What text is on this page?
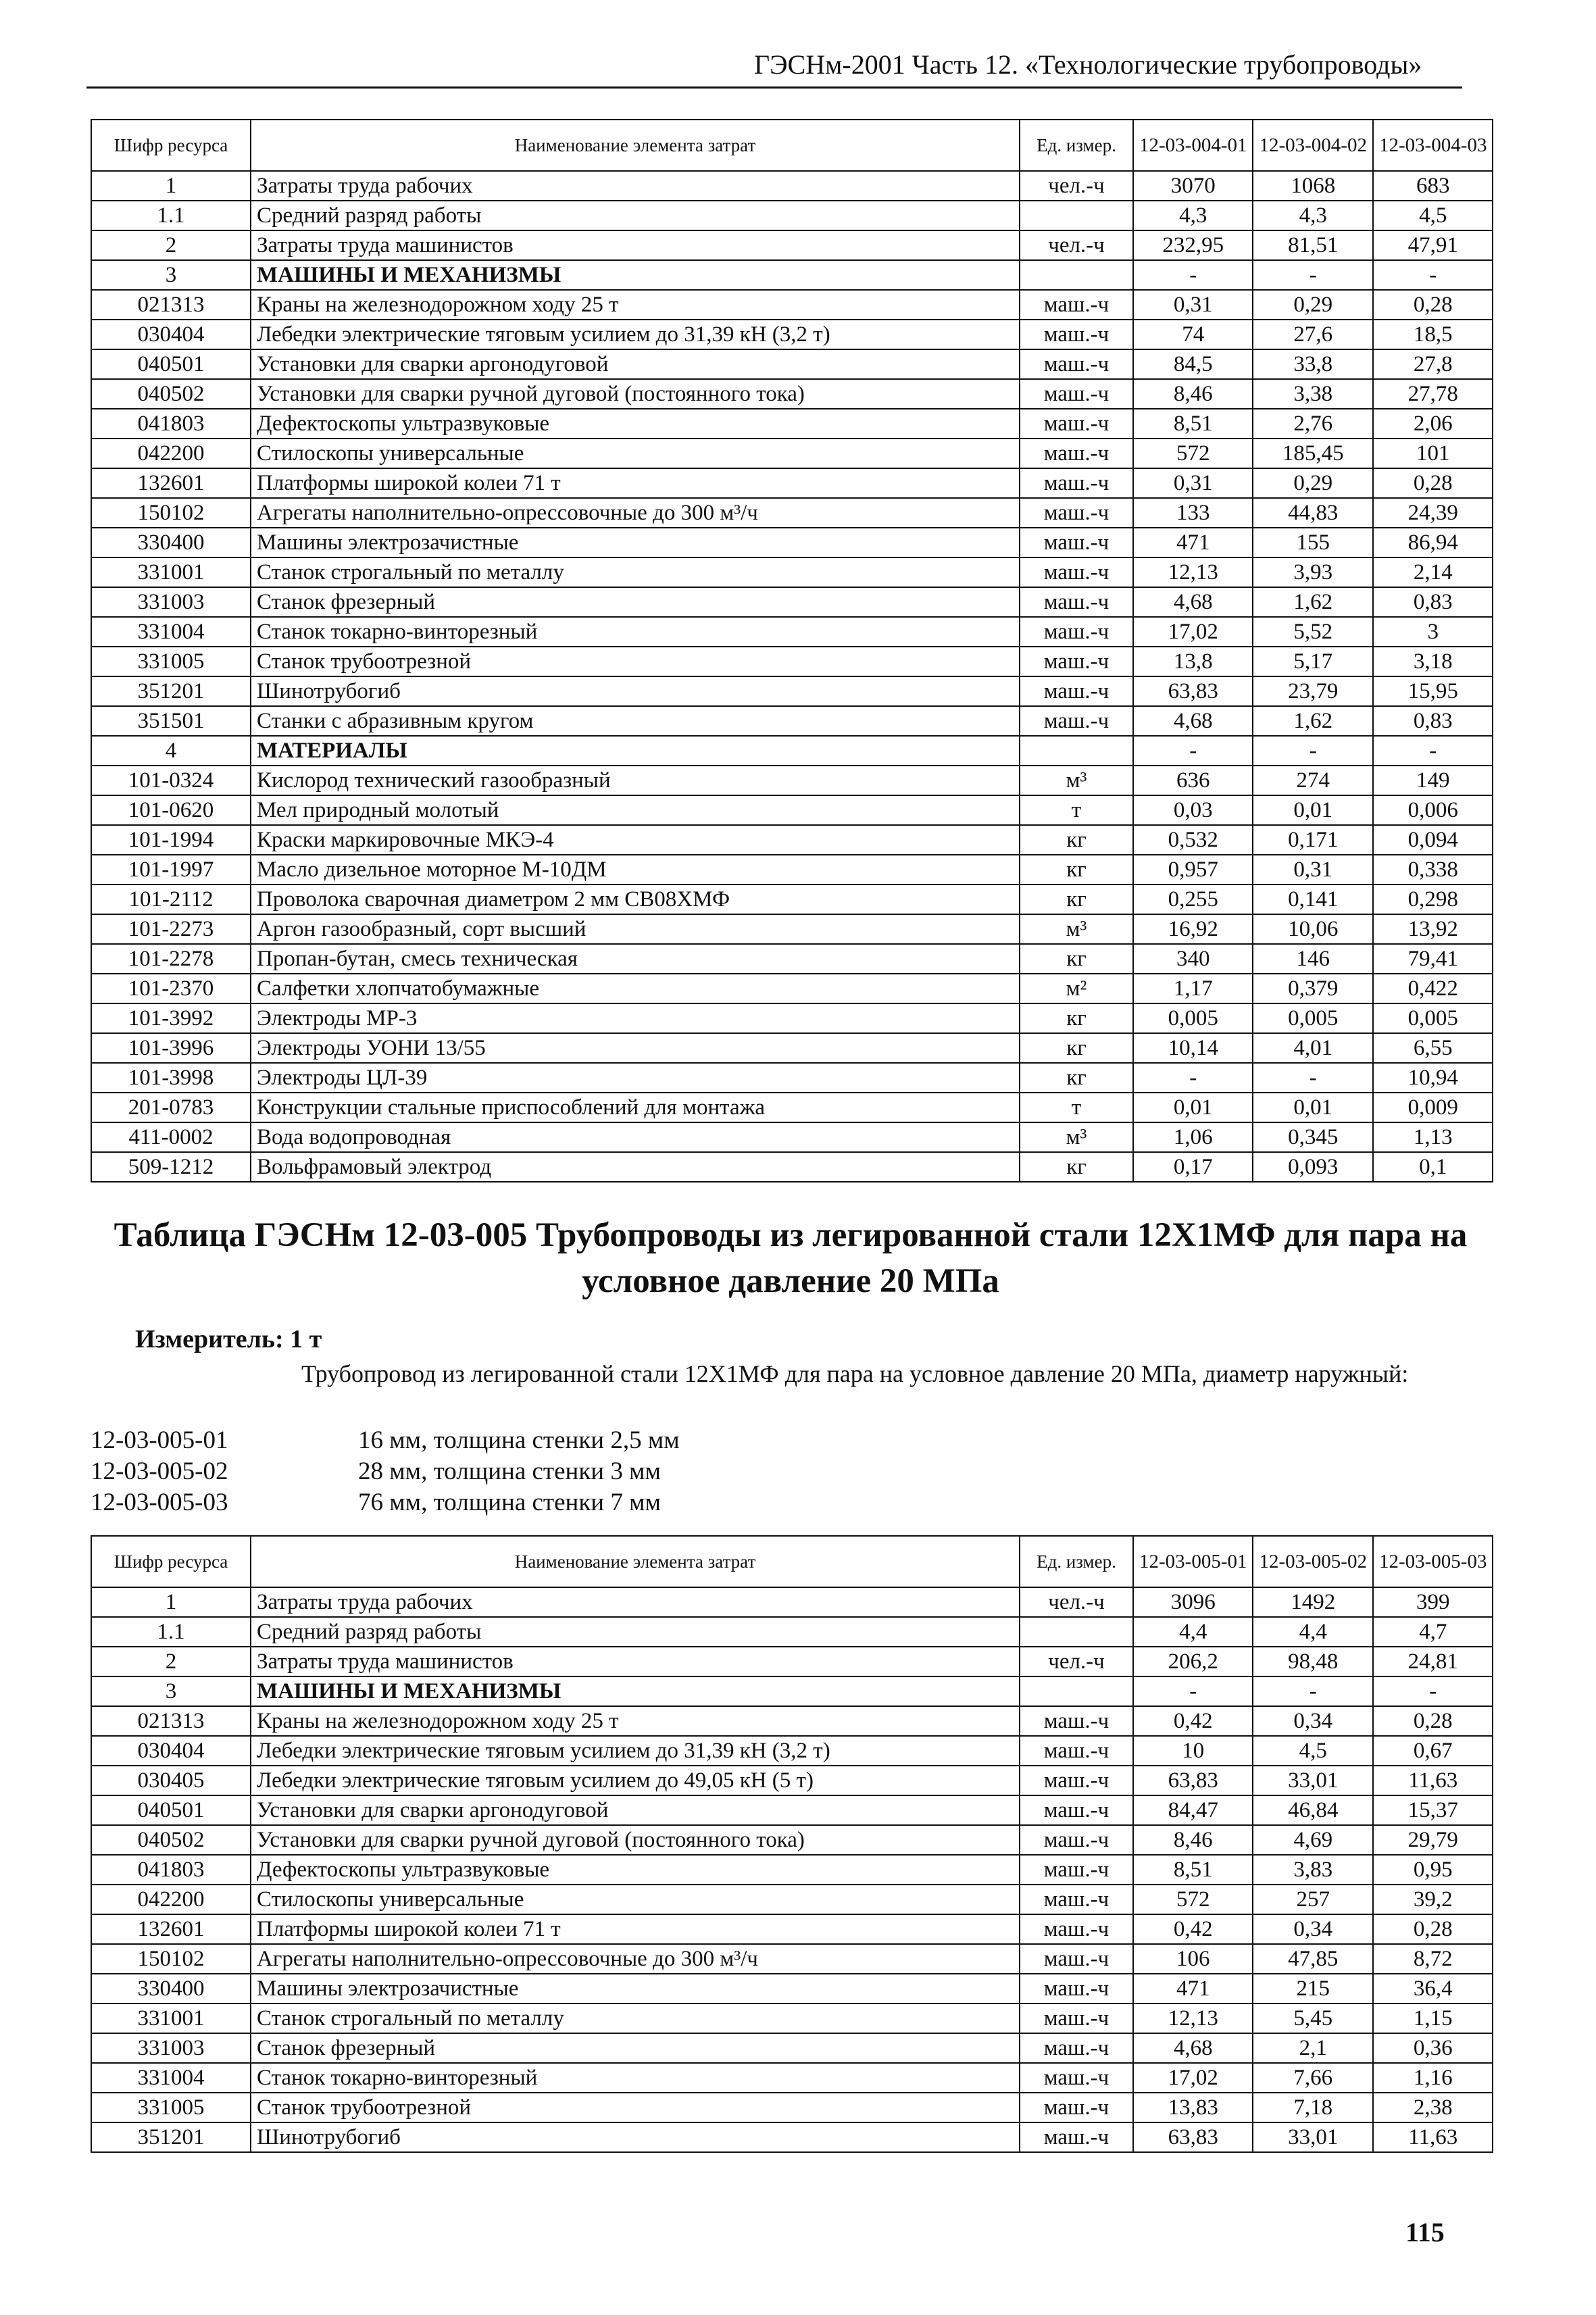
ГЭСНм-2001 Часть 12. «Технологические трубопроводы»
Шифр ресурса	Наименование элемента затрат	Ед. измер.	12-03-004-01	12-03-004-02	12-03-004-03
1	Затраты труда рабочих	чел.-ч	3070	1068	683
1.1	Средний разряд работы		4,3	4,3	4,5
2	Затраты труда машинистов	чел.-ч	232,95	81,51	47,91
3	МАШИНЫ И МЕХАНИЗМЫ		-	-	-
021313	Краны на железнодорожном ходу 25 т	маш.-ч	0,31	0,29	0,28
030404	Лебедки электрические тяговым усилием до 31,39 кН (3,2 т)	маш.-ч	74	27,6	18,5
040501	Установки для сварки аргонодуговой	маш.-ч	84,5	33,8	27,8
040502	Установки для сварки ручной дуговой (постоянного тока)	маш.-ч	8,46	3,38	27,78
041803	Дефектоскопы ультразвуковые	маш.-ч	8,51	2,76	2,06
042200	Стилоскопы универсальные	маш.-ч	572	185,45	101
132601	Платформы широкой колеи 71 т	маш.-ч	0,31	0,29	0,28
150102	Агрегаты наполнительно-опрессовочные до 300 м³/ч	маш.-ч	133	44,83	24,39
330400	Машины электрозачистные	маш.-ч	471	155	86,94
331001	Станок строгальный по металлу	маш.-ч	12,13	3,93	2,14
331003	Станок фрезерный	маш.-ч	4,68	1,62	0,83
331004	Станок токарно-винторезный	маш.-ч	17,02	5,52	3
331005	Станок трубоотрезной	маш.-ч	13,8	5,17	3,18
351201	Шинотрубогиб	маш.-ч	63,83	23,79	15,95
351501	Станки с абразивным кругом	маш.-ч	4,68	1,62	0,83
4	МАТЕРИАЛЫ		-	-	-
101-0324	Кислород технический газообразный	м³	636	274	149
101-0620	Мел природный молотый	т	0,03	0,01	0,006
101-1994	Краски маркировочные МКЭ-4	кг	0,532	0,171	0,094
101-1997	Масло дизельное моторное М-10ДМ	кг	0,957	0,31	0,338
101-2112	Проволока сварочная диаметром 2 мм СВ08ХМФ	кг	0,255	0,141	0,298
101-2273	Аргон газообразный, сорт высший	м³	16,92	10,06	13,92
101-2278	Пропан-бутан, смесь техническая	кг	340	146	79,41
101-2370	Салфетки хлопчатобумажные	м²	1,17	0,379	0,422
101-3992	Электроды МР-3	кг	0,005	0,005	0,005
101-3996	Электроды УОНИ 13/55	кг	10,14	4,01	6,55
101-3998	Электроды ЦЛ-39	кг	-	-	10,94
201-0783	Конструкции стальные приспособлений для монтажа	т	0,01	0,01	0,009
411-0002	Вода водопроводная	м³	1,06	0,345	1,13
509-1212	Вольфрамовый электрод	кг	0,17	0,093	0,1
Таблица ГЭСНм 12-03-005 Трубопроводы из легированной стали 12Х1МФ для пара на
условное давление 20 МПа
Измеритель: 1 т
Трубопровод из легированной стали 12Х1МФ для пара на условное давление 20 МПа, диаметр наружный:
12-03-005-01	16 мм, толщина стенки 2,5 мм
12-03-005-02	28 мм, толщина стенки 3 мм
12-03-005-03	76 мм, толщина стенки 7 мм
Шифр ресурса	Наименование элемента затрат	Ед. измер.	12-03-005-01	12-03-005-02	12-03-005-03
1	Затраты труда рабочих	чел.-ч	3096	1492	399
1.1	Средний разряд работы		4,4	4,4	4,7
2	Затраты труда машинистов	чел.-ч	206,2	98,48	24,81
3	МАШИНЫ И МЕХАНИЗМЫ		-	-	-
021313	Краны на железнодорожном ходу 25 т	маш.-ч	0,42	0,34	0,28
030404	Лебедки электрические тяговым усилием до 31,39 кН (3,2 т)	маш.-ч	10	4,5	0,67
030405	Лебедки электрические тяговым усилием до 49,05 кН (5 т)	маш.-ч	63,83	33,01	11,63
040501	Установки для сварки аргонодуговой	маш.-ч	84,47	46,84	15,37
040502	Установки для сварки ручной дуговой (постоянного тока)	маш.-ч	8,46	4,69	29,79
041803	Дефектоскопы ультразвуковые	маш.-ч	8,51	3,83	0,95
042200	Стилоскопы универсальные	маш.-ч	572	257	39,2
132601	Платформы широкой колеи 71 т	маш.-ч	0,42	0,34	0,28
150102	Агрегаты наполнительно-опрессовочные до 300 м³/ч	маш.-ч	106	47,85	8,72
330400	Машины электрозачистные	маш.-ч	471	215	36,4
331001	Станок строгальный по металлу	маш.-ч	12,13	5,45	1,15
331003	Станок фрезерный	маш.-ч	4,68	2,1	0,36
331004	Станок токарно-винторезный	маш.-ч	17,02	7,66	1,16
331005	Станок трубоотрезной	маш.-ч	13,83	7,18	2,38
351201	Шинотрубогиб	маш.-ч	63,83	33,01	11,63
115
